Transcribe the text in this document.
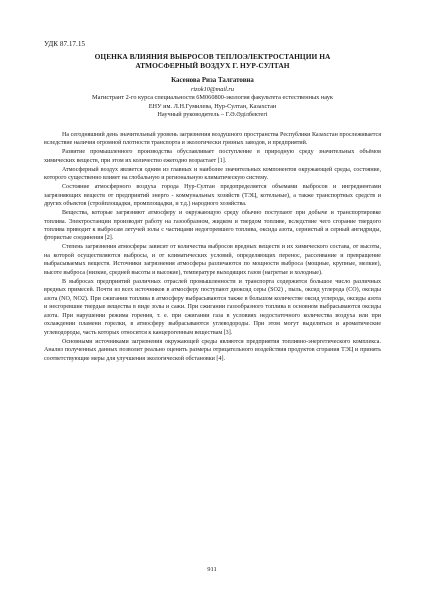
УДК 87.17.15
ОЦЕНКА ВЛИЯНИЯ ВЫБРОСОВ ТЕПЛОЭЛЕКТРОСТАНЦИИ НА
АТМОСФЕРНЫЙ ВОЗДУХ Г. НУР-СУЛТАН
Касенова Риза Талгатовна
rizok10@mail.ru
Магистрант 2-го курса специальности 6М060800-экология факультета естественных наук
ЕНУ им. Л.Н.Гумилева, Нур-Султан, Казахстан
Научный руководитель – Г.Ә.Әділбектегі

На сегодняшний день значительный уровень загрязнения воздушного пространства Республики Казахстан прослеживается вследствие наличия огромной плотности транспорта и экологически грязных заводов, и предприятий.

Развитие промышленного производства обуславливает поступление в природную среду значительных объёмов химических веществ, при этом их количество ежегодно возрастает [1].

Атмосферный воздух является одним из главных и наиболее значительных компонентов окружающей среды, состояние, которого существенно влияет на глобальную и региональную климатическую систему.

Состояние атмосферного воздуха города Нур-Султан предопределяется объемами выбросов и ингредиентами загрязняющих веществ от предприятий энерго - коммунальных хозяйств (ТЭЦ, котельные), а также транспортных средств и других объектов (стройплощадки, промплощадки, и т.д.) народного хозяйства.

Вещества, которые загрязняют атмосферу и окружающую среду обычно поступают при добыче и транспортировке топлива. Электростанции производят работу на газообразном, жидком и твердом топливе, вследствие чего сгорание твердого топлива приводит к выбросам летучей золы с частицами недогоревшего топлива, оксида азота, сернистый и серный ангидриды, фтористые соединения [2].

Степень загрязнения атмосферы зависит от количества выбросов вредных веществ и их химического состава, от высоты, на которой осуществляются выбросы, и от климатических условий, определяющих перенос, рассеивание и превращение выбрасываемых веществ. Источники загрязнения атмосферы различаются по мощности выброса (мощные, крупные, мелкие), высоте выброса (низкие, средней высоты и высокие), температуре выходящих газов (нагретые и холодные).

В выбросах предприятий различных отраслей промышленности и транспорта содержится большое число различных вредных примесей. Почти из всех источников в атмосферу поступают диоксид серы (SO2) , пыль, оксид углерода (CO), оксиды азота (NO, NO2). При сжигании топлива в атмосферу выбрасываются также в большом количестве оксид углерода, оксиды азота и несгоревшие твердые вещества в виде золы и сажи. При сжигании газообразного топлива в основном выбрасываются оксиды азота. При нарушении режима горения, т. е. при сжигании газа в условиях недостаточного количества воздуха или при охлаждении пламени горелки, в атмосферу выбрасываются углеводороды. При этом могут выделяться и ароматические углеводороды, часть которых относится к канцерогенным веществам [3].

Основными источниками загрязнения окружающей среды являются предприятия топливно-энергетического комплекса. Анализ полученных данных позволит реально оценить размеры отрицательного воздействия продуктов сгорания ТЭЦ и принять соответствующие меры для улучшения экологической обстановки [4].

911
